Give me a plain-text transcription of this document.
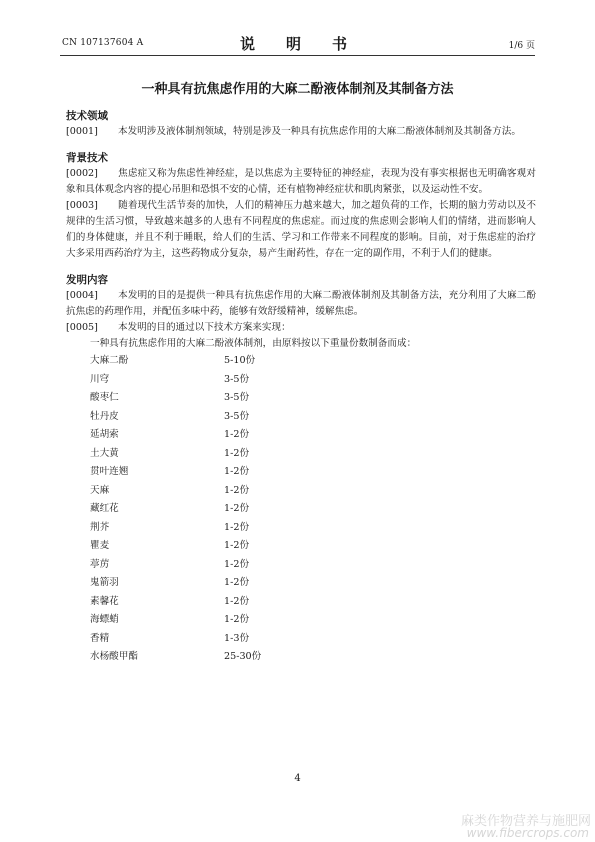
CN 107137604 A	说　明　书	1/6 页
一种具有抗焦虑作用的大麻二酚液体制剂及其制备方法
技术领域

[0001] 本发明涉及液体制剂领域，特别是涉及一种具有抗焦虑作用的大麻二酚液体制剂及其制备方法。

背景技术

[0002] 焦虑症又称为焦虑性神经症，是以焦虑为主要特征的神经症，表现为没有事实根据也无明确客观对象和具体观念内容的提心吊胆和恐惧不安的心情，还有植物神经症状和肌肉紧张，以及运动性不安。

[0003] 随着现代生活节奏的加快，人们的精神压力越来越大，加之超负荷的工作，长期的脑力劳动以及不规律的生活习惯，导致越来越多的人患有不同程度的焦虑症。而过度的焦虑则会影响人们的情绪，进而影响人们的身体健康，并且不利于睡眠，给人们的生活、学习和工作带来不同程度的影响。目前，对于焦虑症的治疗大多采用西药治疗为主，这些药物成分复杂，易产生耐药性，存在一定的副作用，不利于人们的健康。

发明内容

[0004] 本发明的目的是提供一种具有抗焦虑作用的大麻二酚液体制剂及其制备方法，充分利用了大麻二酚抗焦虑的药理作用，并配伍多味中药，能够有效舒缓精神，缓解焦虑。

[0005] 本发明的目的通过以下技术方案来实现：

一种具有抗焦虑作用的大麻二酚液体制剂，由原料按以下重量份数制备而成：

大麻二酚	5-10份
川穹	3-5份
酸枣仁	3-5份
牡丹皮	3-5份
延胡索	1-2份
土大黄	1-2份
贯叶连翘	1-2份
天麻	1-2份
藏红花	1-2份
荆芥	1-2份
瞿麦	1-2份
葶苈	1-2份
鬼箭羽	1-2份
素馨花	1-2份
海螵蛸	1-2份
香精	1-3份
水杨酸甲酯	25-30份
4
麻类作物营养与施肥网
www.fibercrops.com
